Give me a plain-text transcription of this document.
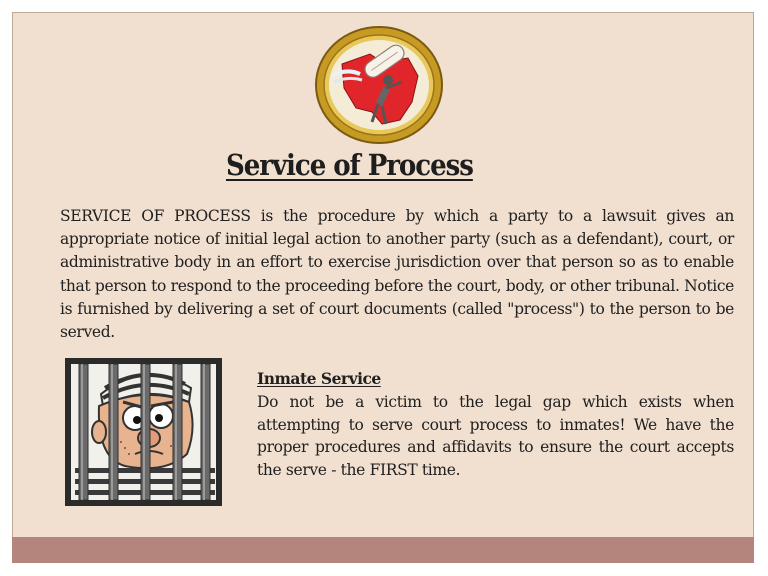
Service of Process

SERVICE OF PROCESS is the procedure by which a party to a lawsuit gives an appropriate notice of initial legal action to another party (such as a defendant), court, or administrative body in an effort to exercise jurisdiction over that person so as to enable that person to respond to the proceeding before the court, body, or other tribunal. Notice is furnished by delivering a set of court documents (called "process") to the person to be served.

Inmate Service

Do not be a victim to the legal gap which exists when attempting to serve court process to inmates! We have the proper procedures and affidavits to ensure the court accepts the serve - the FIRST time.
